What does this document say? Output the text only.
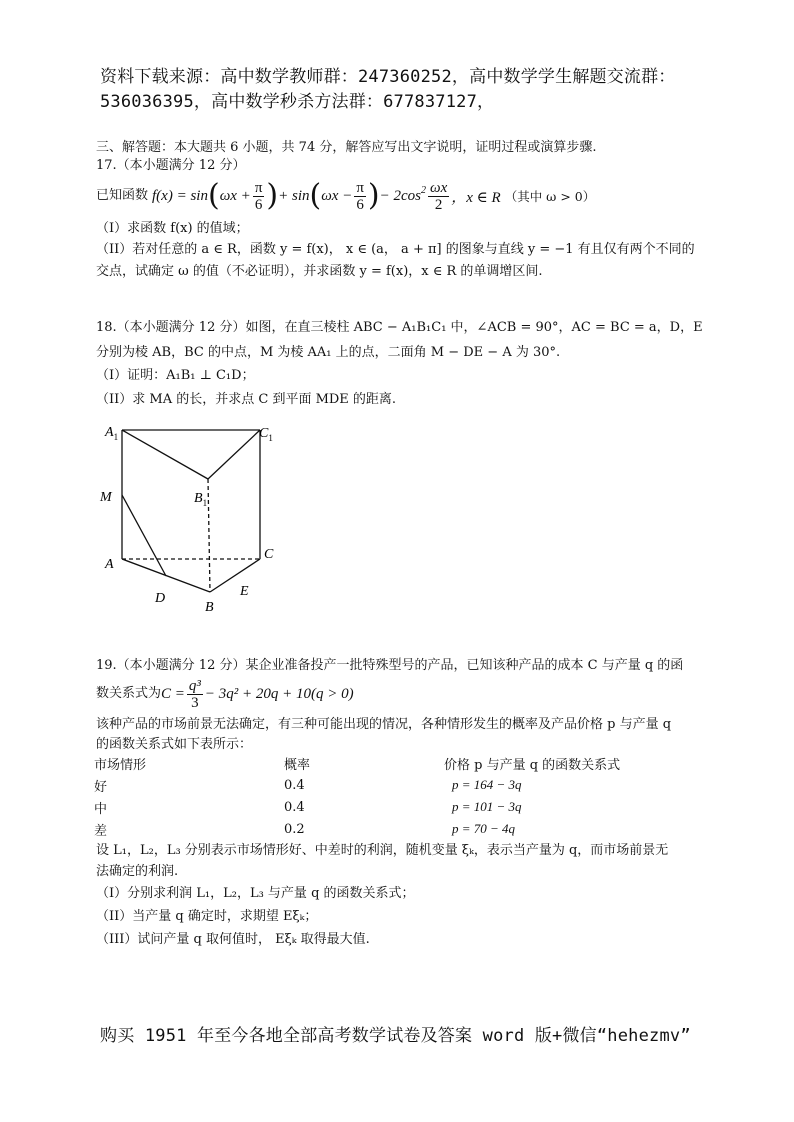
资料下载来源：高中数学教师群：247360252，高中数学学生解题交流群：
536036395，高中数学秒杀方法群：677837127，
三、解答题：本大题共 6 小题，共 74 分，解答应写出文字说明，证明过程或演算步骤.
17.（本小题满分 12 分）
已知函数 f(x) = sin ( $\omega x + \frac{\pi}{6}$ ) + sin ( $\omega x - \frac{\pi}{6}$ ) − $2\cos^2 \frac{\omega x}{2}$ ，x ∈ R （其中 ω > 0）
（I）求函数 f(x) 的值域；
（II）若对任意的 a ∈ R，函数 y = f(x)， x ∈ (a， a + π] 的图象与直线 y = −1 有且仅有两个不同的
交点，试确定 ω 的值（不必证明），并求函数 y = f(x)，x ∈ R 的单调增区间.
18.（本小题满分 12 分）如图，在直三棱柱 ABC − A₁B₁C₁ 中，∠ACB = 90°，AC = BC = a，D，E
分别为棱 AB，BC 的中点，M 为棱 AA₁ 上的点，二面角 M − DE − A 为 30°.
（I）证明：A₁B₁ ⊥ C₁D；
（II）求 MA 的长，并求点 C 到平面 MDE 的距离.
$A_1$	$C_1$
$B_1$
M
A
C
D	E
B
19.（本小题满分 12 分）某企业准备投产一批特殊型号的产品，已知该种产品的成本 C 与产量 q 的函
数关系式为 $C = \frac{\text{q³}}{3} - 3q^2 + 20q + 10(q > 0)$
该种产品的市场前景无法确定，有三种可能出现的情况，各种情形发生的概率及产品价格 p 与产量 q
的函数关系式如下表所示：
市场情形	概率	价格 p 与产量 q 的函数关系式
好	0.4	p = 164 − 3q
中	0.4	p = 101 − 3q
差	0.2	p = 70 − 4q
设 L₁，L₂，L₃ 分别表示市场情形好、中差时的利润，随机变量 ξₖ，表示当产量为 q，而市场前景无
法确定的利润.
（I）分别求利润 L₁，L₂，L₃ 与产量 q 的函数关系式；
（II）当产量 q 确定时，求期望 Eξₖ；
（III）试问产量 q 取何值时， Eξₖ 取得最大值.
购买 1951 年至今各地全部高考数学试卷及答案 word 版+微信“hehezmv”
